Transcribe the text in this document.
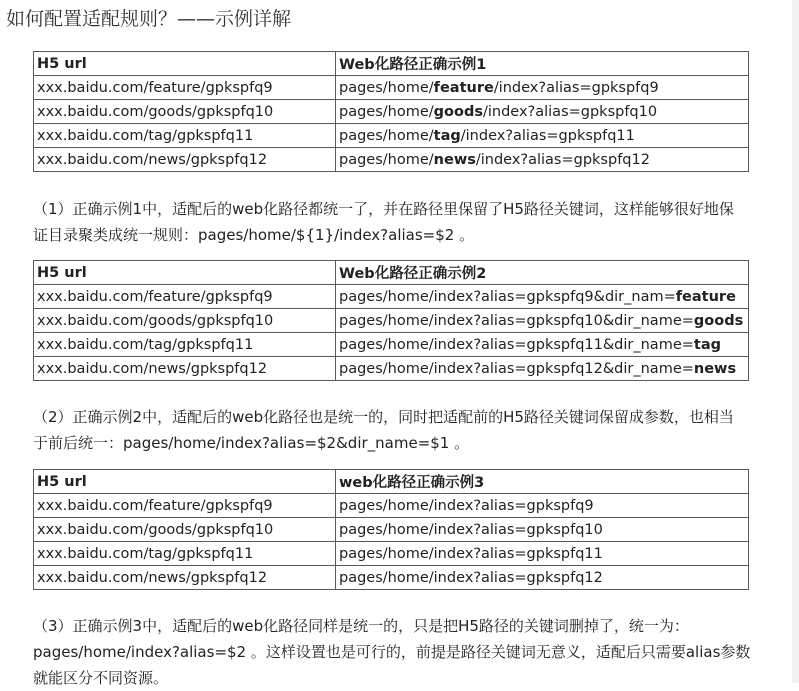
如何配置适配规则？——示例详解
H5 url	Web化路径正确示例1
xxx.baidu.com/feature/gpkspfq9	pages/home/feature/index?alias=gpkspfq9
xxx.baidu.com/goods/gpkspfq10	pages/home/goods/index?alias=gpkspfq10
xxx.baidu.com/tag/gpkspfq11	pages/home/tag/index?alias=gpkspfq11
xxx.baidu.com/news/gpkspfq12	pages/home/news/index?alias=gpkspfq12
（1）正确示例1中，适配后的web化路径都统一了，并在路径里保留了H5路径关键词，这样能够很好地保
证目录聚类成统一规则：pages/home/${1}/index?alias=$2 。
H5 url	Web化路径正确示例2
xxx.baidu.com/feature/gpkspfq9	pages/home/index?alias=gpkspfq9&dir_nam=feature
xxx.baidu.com/goods/gpkspfq10	pages/home/index?alias=gpkspfq10&dir_name=goods
xxx.baidu.com/tag/gpkspfq11	pages/home/index?alias=gpkspfq11&dir_name=tag
xxx.baidu.com/news/gpkspfq12	pages/home/index?alias=gpkspfq12&dir_name=news
（2）正确示例2中，适配后的web化路径也是统一的，同时把适配前的H5路径关键词保留成参数，也相当
于前后统一：pages/home/index?alias=$2&dir_name=$1 。
H5 url	web化路径正确示例3
xxx.baidu.com/feature/gpkspfq9	pages/home/index?alias=gpkspfq9
xxx.baidu.com/goods/gpkspfq10	pages/home/index?alias=gpkspfq10
xxx.baidu.com/tag/gpkspfq11	pages/home/index?alias=gpkspfq11
xxx.baidu.com/news/gpkspfq12	pages/home/index?alias=gpkspfq12
（3）正确示例3中，适配后的web化路径同样是统一的，只是把H5路径的关键词删掉了，统一为：
pages/home/index?alias=$2 。这样设置也是可行的，前提是路径关键词无意义，适配后只需要alias参数
就能区分不同资源。
